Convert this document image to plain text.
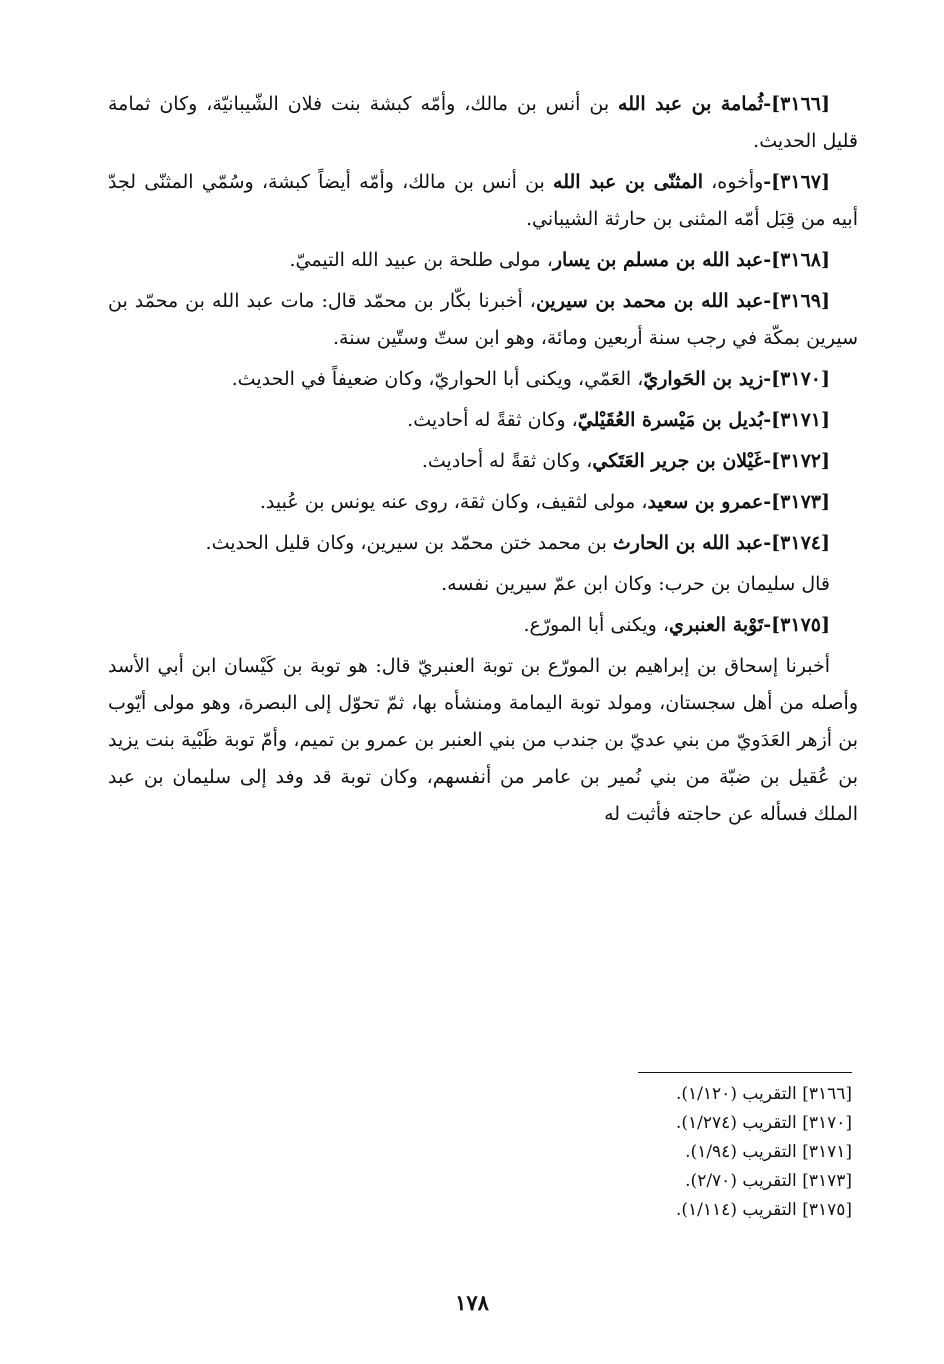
[٣١٦٦]-ثُمامة بن عبد الله بن أنس بن مالك، وأمّه كبشة بنت فلان الشّيبانيّة، وكان ثمامة قليل الحديث.

[٣١٦٧]-وأخوه، المثنّى بن عبد الله بن أنس بن مالك، وأمّه أيضاً كبشة، وسُمّي المثنّى لجدّ أبيه من قِبَل أمّه المثنى بن حارثة الشيباني.

[٣١٦٨]-عبد الله بن مسلم بن يسار، مولى طلحة بن عبيد الله التيميّ.

[٣١٦٩]-عبد الله بن محمد بن سيرين، أخبرنا بكّار بن محمّد قال: مات عبد الله بن محمّد بن سيرين بمكّة في رجب سنة أربعين ومائة، وهو ابن ستّ وستّين سنة.

[٣١٧٠]-زيد بن الحَواريّ، العَمّي، ويكنى أبا الحواريّ، وكان ضعيفاً في الحديث.

[٣١٧١]-بُديل بن مَيْسرة العُقَيْليّ، وكان ثقةً له أحاديث.

[٣١٧٢]-غَيْلان بن جرير العَتَكي، وكان ثقةً له أحاديث.

[٣١٧٣]-عمرو بن سعيد، مولى لثقيف، وكان ثقة، روى عنه يونس بن عُبيد.

[٣١٧٤]-عبد الله بن الحارث بن محمد ختن محمّد بن سيرين، وكان قليل الحديث.

قال سليمان بن حرب: وكان ابن عمّ سيرين نفسه.

[٣١٧٥]-تَوْبة العنبري، ويكنى أبا المورّع.

أخبرنا إسحاق بن إبراهيم بن المورّع بن توبة العنبريّ قال: هو توبة بن كَيْسان ابن أبي الأسد وأصله من أهل سجستان، ومولد توبة اليمامة ومنشأه بها، ثمّ تحوّل إلى البصرة، وهو مولى أيّوب بن أزهر العَدَويّ من بني عديّ بن جندب من بني العنبر بن عمرو بن تميم، وأمّ توبة ظَبْية بنت يزيد بن عُقيل بن ضبّة من بني نُمير بن عامر من أنفسهم، وكان توبة قد وفد إلى سليمان بن عبد الملك فسأله عن حاجته فأثبت له

[٣١٦٦] التقريب (١/١٢٠).
[٣١٧٠] التقريب (١/٢٧٤).
[٣١٧١] التقريب (١/٩٤).
[٣١٧٣] التقريب (٢/٧٠).
[٣١٧٥] التقريب (١/١١٤).
١٧٨
